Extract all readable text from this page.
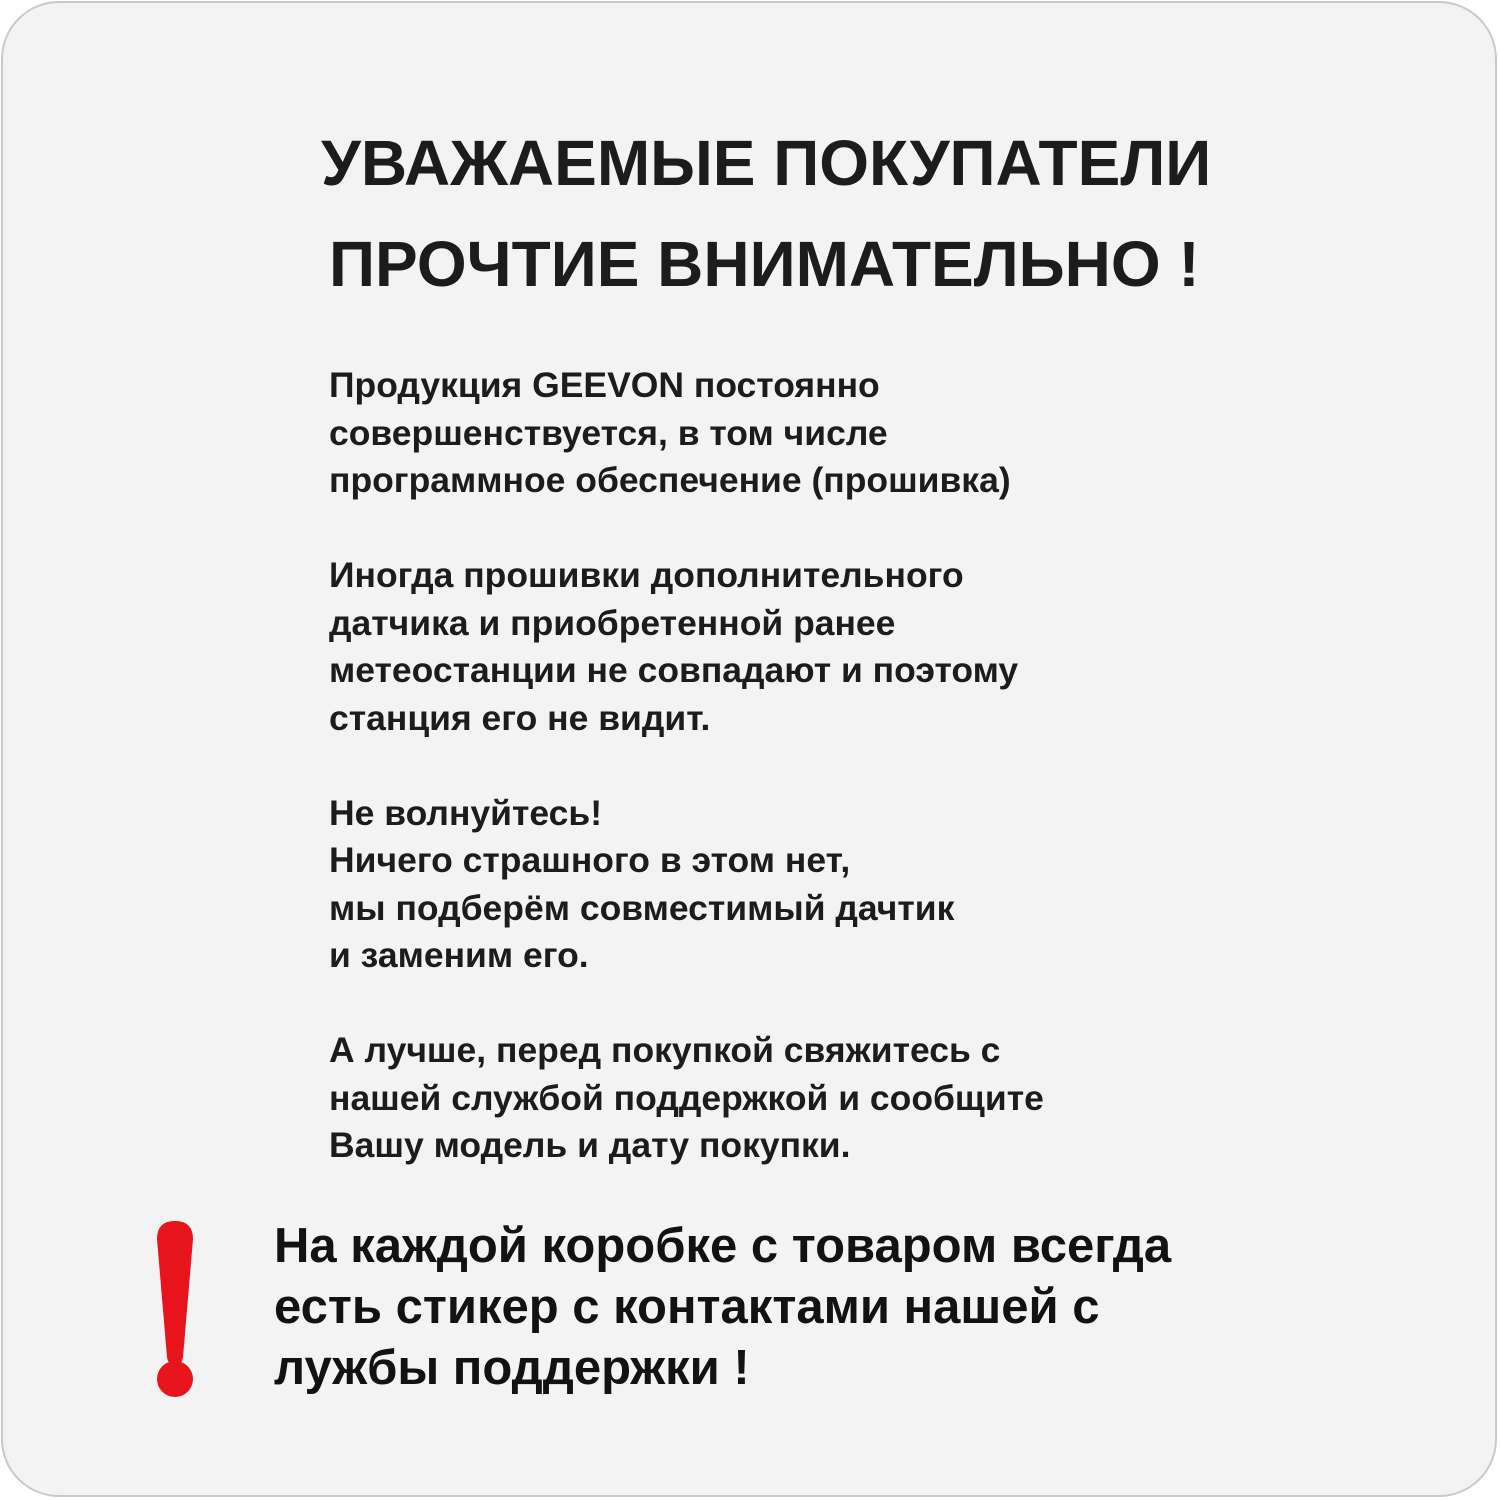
УВАЖАЕМЫЕ ПОКУПАТЕЛИ
ПРОЧТИЕ ВНИМАТЕЛЬНО !

Продукция GEEVON постоянно
совершенствуется, в том числе
программное обеспечение (прошивка)

Иногда прошивки дополнительного
датчика и приобретенной ранее
метеостанции не совпадают и поэтому
станция его не видит.

Не волнуйтесь!
Ничего страшного в этом нет,
мы подберём совместимый дачтик
и заменим его.

А лучше, перед покупкой свяжитесь с
нашей службой поддержкой и сообщите
Вашу модель и дату покупки.

На каждой коробке с товаром всегда
есть стикер с контактами нашей с
лужбы поддержки !
